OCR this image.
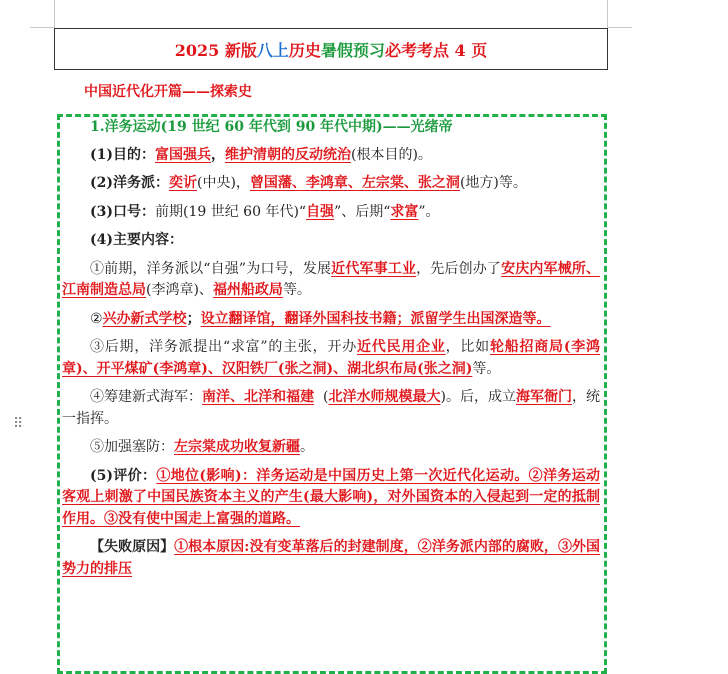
2025 新版 八上 历史 暑假预习 必考考点 4 页
中国近代化开篇——探索史
⠿
1.洋务运动(19 世纪 60 年代到 90 年代中期)——光绪帝
(1)目的：富国强兵，维护清朝的反动统治(根本目的)。
(2)洋务派：奕䜣(中央)，曾国藩、李鸿章、左宗棠、张之洞(地方)等。
(3)口号：前期(19 世纪 60 年代)“自强”、后期“求富”。
(4)主要内容：
①前期，洋务派以“自强”为口号，发展近代军事工业，先后创办了安庆内军械所、江南制造总局(李鸿章)、福州船政局等。
②兴办新式学校；设立翻译馆，翻译外国科技书籍；派留学生出国深造等。
③后期，洋务派提出“求富”的主张，开办近代民用企业，比如轮船招商局(李鸿章)、开平煤矿(李鸿章)、汉阳铁厂(张之洞)、湖北织布局(张之洞)等。
④筹建新式海军：南洋、北洋和福建  (北洋水师规模最大)。后，成立海军衙门，统一指挥。
⑤加强塞防：左宗棠成功收复新疆。
(5)评价：①地位(影响)：洋务运动是中国历史上第一次近代化运动。②洋务运动客观上刺激了中国民族资本主义的产生(最大影响)，对外国资本的入侵起到一定的抵制作用。③没有使中国走上富强的道路。
【失败原因】①根本原因:没有变革落后的封建制度，②洋务派内部的腐败，③外国势力的排压
